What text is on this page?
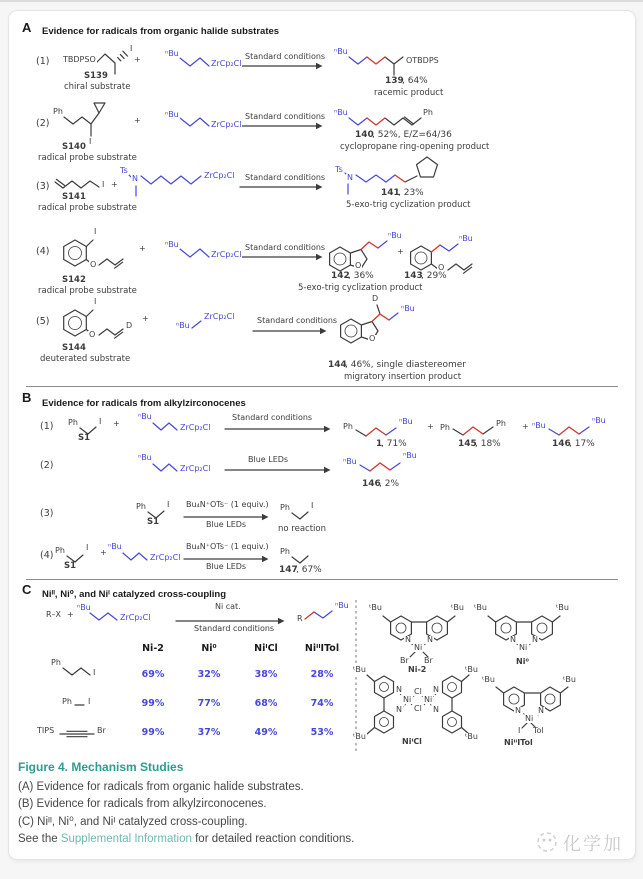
A Evidence for radicals from organic halide substrates
B Evidence for radicals from alkylzirconocenes
C Niᴵᴵ, Ni⁰, and Niᴵ catalyzed cross-coupling
(1) TBDPSO
I
S139
chiral substrate
+
ⁿBu
ZrCp₂Cl
Standard conditions
ⁿBu
OTBDPS
139
, 64%
racemic product
(2)
Ph
I
S140
radical probe substrate
+
ⁿBu
ZrCp₂Cl
Standard conditions ⁿBu	Ph
140
, 52%, E/Z=64/36
cyclopropane ring-opening product
(3)	I
S141
radical probe substrate
+
Ts
N	ZrCp₂Cl Standard conditions
Ts
N
141
, 23%
5-exo-trig cyclization product
(4)
I
O
S142
radical probe substrate
+ ⁿBu
ZrCp₂Cl
Standard conditions
ⁿBu
O
+
ⁿBu
O
142
, 36%	143
, 29%
5-exo-trig cyclization product
(5)
I
O
D
S144
deuterated substrate
+
ⁿBu
ZrCp₂Cl	Standard conditions
D
ⁿBu
O
144
, 46%, single diastereomer
migratory insertion product
(1) Ph	I
S1
+
ⁿBu
ZrCp₂Cl
Standard conditions
Ph
ⁿBu
1
, 71%
+ Ph	Ph
145
, 18%
+ ⁿBu
ⁿBu
146
, 17%
(2)
ⁿBu
ZrCp₂Cl
Blue LEDs	ⁿBu
ⁿBu
146
, 2%
(3)
Ph	I
S1
Bu₄N⁺OTs⁻ (1 equiv.)
Blue LEDs
Ph	I
no reaction
(4) Ph	I
S1
+
ⁿBu
ZrCp₂Cl
Bu₄N⁺OTs⁻ (1 equiv.)
Blue LEDs
Ph
147
, 67%
R–X +
ⁿBu
ZrCp₂Cl
Ni cat.
Standard conditions
R
ⁿBu
Ph
I
Ph I
TIPS	Br
ᵗBu	ᵗBu
N N
Ni
Br Br
Ni-2
ᵗBu	ᵗBu
N N
Ni
Ni⁰
ᵗBu	ᵗBu
ᵗBu	ᵗBu
N	N
N	N
Ni Ni
Cl
Cl
NiᴵCl
ᵗBu	ᵗBu
N N
Ni
I Tol
NiᴵᴵITol
Ni-2	Ni⁰	NiᴵCl	NiᴵᴵITol
69%	32%	38%	28%
99%	77%	68%	74%
99%	37%	49%	53%
Figure 4. Mechanism Studies
(A) Evidence for radicals from organic halide substrates.
(B) Evidence for radicals from alkylzirconocenes.
(C) Niᴵᴵ, Ni⁰, and Niᴵ catalyzed cross-coupling.
See the Supplemental Information for detailed reaction conditions.	化学加
